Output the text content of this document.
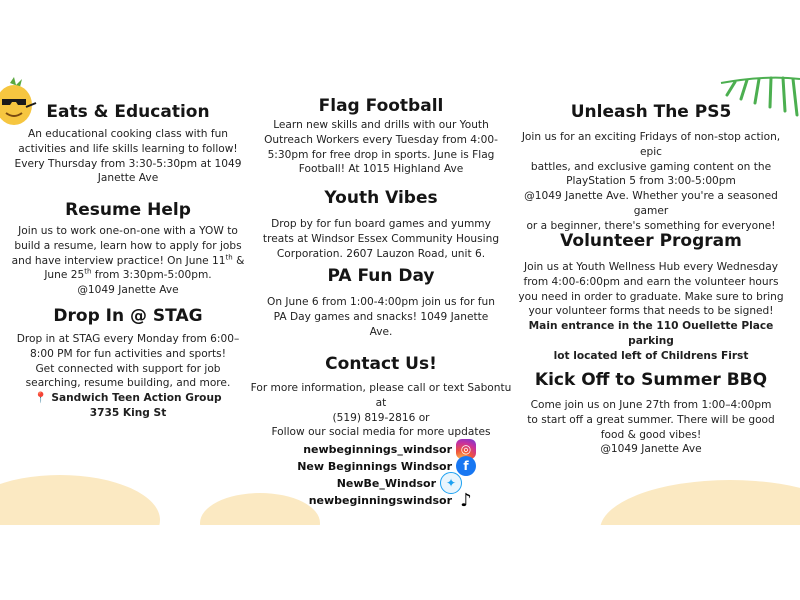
Eats & Education

An educational cooking class with fun

activities and life skills learning to follow!

Every Thursday from 3:30-5:30pm at 1049

Janette Ave

Resume Help

Join us to work one-on-one with a YOW to

build a resume, learn how to apply for jobs

and have interview practice! On June 11th &

June 25th from 3:30pm-5:00pm.

@1049 Janette Ave

Drop In @ STAG

Drop in at STAG every Monday from 6:00–

8:00 PM for fun activities and sports!

Get connected with support for job

searching, resume building, and more.

📍 Sandwich Teen Action Group

3735 King St

Flag Football

Learn new skills and drills with our Youth

Outreach Workers every Tuesday from 4:00-

5:30pm for free drop in sports. June is Flag

Football! At 1015 Highland Ave

Youth Vibes

Drop by for fun board games and yummy

treats at Windsor Essex Community Housing

Corporation. 2607 Lauzon Road, unit 6.

PA Fun Day

On June 6 from 1:00-4:00pm join us for fun

PA Day games and snacks! 1049 Janette

Ave.

Contact Us!

For more information, please call or text Sabontu at

(519) 819-2816 or

Follow our social media for more updates

newbeginnings_windsor ◎
New Beginnings Windsor f
NewBe_Windsor ✦
newbeginningswindsor ♪
Unleash The PS5

Join us for an exciting Fridays of non-stop action, epic

battles, and exclusive gaming content on the

PlayStation 5 from 3:00-5:00pm

@1049 Janette Ave. Whether you're a seasoned gamer

or a beginner, there's something for everyone!

Volunteer Program

Join us at Youth Wellness Hub every Wednesday

from 4:00-6:00pm and earn the volunteer hours

you need in order to graduate. Make sure to bring

your volunteer forms that needs to be signed!

Main entrance in the 110 Ouellette Place parking

lot located left of Childrens First

Kick Off to Summer BBQ

Come join us on June 27th from 1:00–4:00pm

to start off a great summer. There will be good

food & good vibes!

@1049 Janette Ave
